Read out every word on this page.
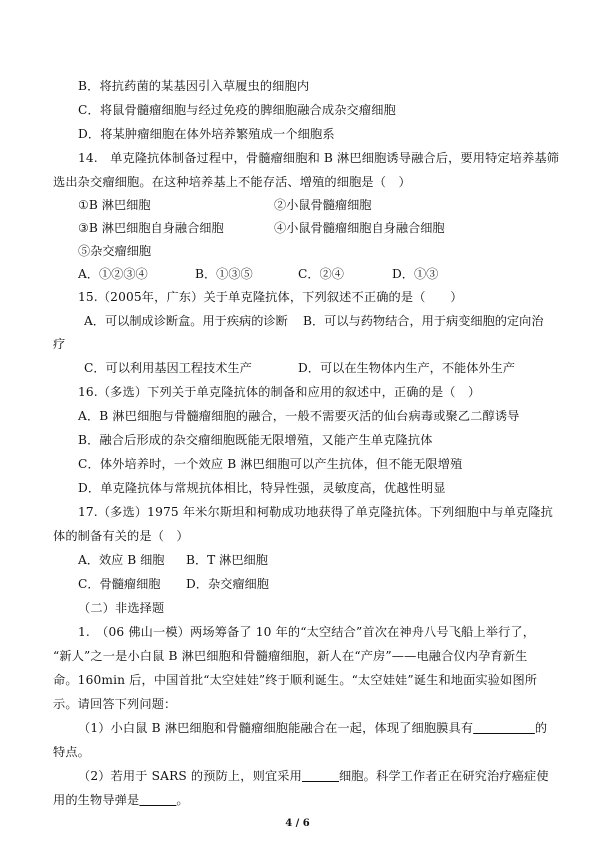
B．将抗药菌的某基因引入草履虫的细胞内
C．将鼠骨髓瘤细胞与经过免疫的脾细胞融合成杂交瘤细胞
D．将某肿瘤细胞在体外培养繁殖成一个细胞系
14.　单克隆抗体制备过程中，骨髓瘤细胞和 B 淋巴细胞诱导融合后，要用特定培养基筛
选出杂交瘤细胞。在这种培养基上不能存活、增殖的细胞是（　）
①B 淋巴细胞	②小鼠骨髓瘤细胞
③B 淋巴细胞自身融合细胞	④小鼠骨髓瘤细胞自身融合细胞
⑤杂交瘤细胞
A．①②③④	B．①③⑤	C．②④	D．①③
15.（2005年，广东）关于单克隆抗体，下列叙述不正确的是（　　）
A．可以制成诊断盒。用于疾病的诊断 B．可以与药物结合，用于病变细胞的定向治
疗
C．可以利用基因工程技术生产	D．可以在生物体内生产，不能体外生产
16.（多选）下列关于单克隆抗体的制备和应用的叙述中，正确的是（　）
A．B 淋巴细胞与骨髓瘤细胞的融合，一般不需要灭活的仙台病毒或聚乙二醇诱导
B．融合后形成的杂交瘤细胞既能无限增殖，又能产生单克隆抗体
C．体外培养时，一个效应 B 淋巴细胞可以产生抗体，但不能无限增殖
D．单克隆抗体与常规抗体相比，特异性强，灵敏度高，优越性明显
17.（多选）1975 年米尔斯坦和柯勒成功地获得了单克隆抗体。下列细胞中与单克隆抗
体的制备有关的是（　）
A．效应 B 细胞 B．T 淋巴细胞
C．骨髓瘤细胞 D．杂交瘤细胞
（二）非选择题
1.　（06 佛山一模）两场筹备了 10 年的“太空结合”首次在神舟八号飞船上举行了，
“新人”之一是小白鼠 B 淋巴细胞和骨髓瘤细胞，新人在“产房”——电融合仪内孕育新生
命。160min 后，中国首批“太空娃娃”终于顺利诞生。“太空娃娃”诞生和地面实验如图所
示。请回答下列问题：
（1）小白鼠 B 淋巴细胞和骨髓瘤细胞能融合在一起，体现了细胞膜具有　　　　　	的
特点。
（2）若用于 SARS 的预防上，则宜采用　　　	细胞。科学工作者正在研究治疗癌症使
用的生物导弹是　　　	。
4 / 6
